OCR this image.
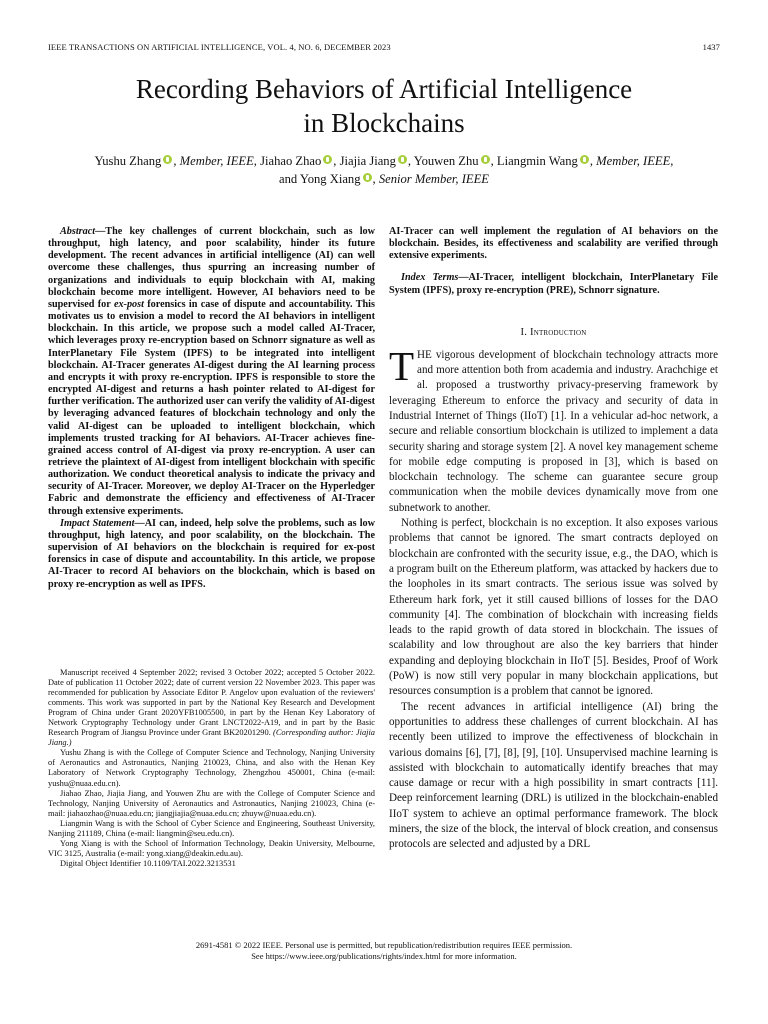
IEEE TRANSACTIONS ON ARTIFICIAL INTELLIGENCE, VOL. 4, NO. 6, DECEMBER 2023	1437
Recording Behaviors of Artificial Intelligence
in Blockchains
Yushu Zhang , Member, IEEE, Jiahao Zhao , Jiajia Jiang , Youwen Zhu , Liangmin Wang , Member, IEEE,
and Yong Xiang , Senior Member, IEEE

Abstract—The key challenges of current blockchain, such as low throughput, high latency, and poor scalability, hinder its future development. The recent advances in artificial intelligence (AI) can well overcome these challenges, thus spurring an increasing number of organizations and individuals to equip blockchain with AI, making blockchain become more intelligent. However, AI behaviors need to be supervised for ex-post forensics in case of dispute and accountability. This motivates us to envision a model to record the AI behaviors in intelligent blockchain. In this article, we propose such a model called AI-Tracer, which leverages proxy re-encryption based on Schnorr signature as well as InterPlanetary File System (IPFS) to be integrated into intelligent blockchain. AI-Tracer generates AI-digest during the AI learning process and encrypts it with proxy re-encryption. IPFS is responsible to store the encrypted AI-digest and returns a hash pointer related to AI-digest for further verification. The authorized user can verify the validity of AI-digest by leveraging advanced features of blockchain technology and only the valid AI-digest can be uploaded to intelligent blockchain, which implements trusted tracking for AI behaviors. AI-Tracer achieves fine-grained access control of AI-digest via proxy re-encryption. A user can retrieve the plaintext of AI-digest from intelligent blockchain with specific authorization. We conduct theoretical analysis to indicate the privacy and security of AI-Tracer. Moreover, we deploy AI-Tracer on the Hyperledger Fabric and demonstrate the efficiency and effectiveness of AI-Tracer through extensive experiments.

Impact Statement—AI can, indeed, help solve the problems, such as low throughput, high latency, and poor scalability, on the blockchain. The supervision of AI behaviors on the blockchain is required for ex-post forensics in case of dispute and accountability. In this article, we propose AI-Tracer to record AI behaviors on the blockchain, which is based on proxy re-encryption as well as IPFS.

Manuscript received 4 September 2022; revised 3 October 2022; accepted 5 October 2022. Date of publication 11 October 2022; date of current version 22 November 2023. This paper was recommended for publication by Associate Editor P. Angelov upon evaluation of the reviewers' comments. This work was supported in part by the National Key Research and Development Program of China under Grant 2020YFB1005500, in part by the Henan Key Laboratory of Network Cryptography Technology under Grant LNCT2022-A19, and in part by the Basic Research Program of Jiangsu Province under Grant BK20201290. (Corresponding author: Jiajia Jiang.)

Yushu Zhang is with the College of Computer Science and Technology, Nanjing University of Aeronautics and Astronautics, Nanjing 210023, China, and also with the Henan Key Laboratory of Network Cryptography Technology, Zhengzhou 450001, China (e-mail: yushu@nuaa.edu.cn).

Jiahao Zhao, Jiajia Jiang, and Youwen Zhu are with the College of Computer Science and Technology, Nanjing University of Aeronautics and Astronautics, Nanjing 210023, China (e-mail: jiahaozhao@nuaa.edu.cn; jiangjiajia@nuaa.edu.cn; zhuyw@nuaa.edu.cn).

Liangmin Wang is with the School of Cyber Science and Engineering, Southeast University, Nanjing 211189, China (e-mail: liangmin@seu.edu.cn).

Yong Xiang is with the School of Information Technology, Deakin University, Melbourne, VIC 3125, Australia (e-mail: yong.xiang@deakin.edu.au).

Digital Object Identifier 10.1109/TAI.2022.3213531

AI-Tracer can well implement the regulation of AI behaviors on the blockchain. Besides, its effectiveness and scalability are verified through extensive experiments.

Index Terms—AI-Tracer, intelligent blockchain, InterPlanetary File System (IPFS), proxy re-encryption (PRE), Schnorr signature.

I. Introduction

THE vigorous development of blockchain technology attracts more and more attention both from academia and industry. Arachchige et al. proposed a trustworthy privacy-preserving framework by leveraging Ethereum to enforce the privacy and security of data in Industrial Internet of Things (IIoT) [1]. In a vehicular ad-hoc network, a secure and reliable consortium blockchain is utilized to implement a data security sharing and storage system [2]. A novel key management scheme for mobile edge computing is proposed in [3], which is based on blockchain technology. The scheme can guarantee secure group communication when the mobile devices dynamically move from one subnetwork to another.

Nothing is perfect, blockchain is no exception. It also exposes various problems that cannot be ignored. The smart contracts deployed on blockchain are confronted with the security issue, e.g., the DAO, which is a program built on the Ethereum platform, was attacked by hackers due to the loopholes in its smart contracts. The serious issue was solved by Ethereum hark fork, yet it still caused billions of losses for the DAO community [4]. The combination of blockchain with increasing fields leads to the rapid growth of data stored in blockchain. The issues of scalability and low throughout are also the key barriers that hinder expanding and deploying blockchain in IIoT [5]. Besides, Proof of Work (PoW) is now still very popular in many blockchain applications, but resources consumption is a problem that cannot be ignored.

The recent advances in artificial intelligence (AI) bring the opportunities to address these challenges of current blockchain. AI has recently been utilized to improve the effectiveness of blockchain in various domains [6], [7], [8], [9], [10]. Unsupervised machine learning is assisted with blockchain to automatically identify breaches that may cause damage or recur with a high possibility in smart contracts [11]. Deep reinforcement learning (DRL) is utilized in the blockchain-enabled IIoT system to achieve an optimal performance framework. The block miners, the size of the block, the interval of block creation, and consensus protocols are selected and adjusted by a DRL

2691-4581 © 2022 IEEE. Personal use is permitted, but republication/redistribution requires IEEE permission.
See https://www.ieee.org/publications/rights/index.html for more information.
